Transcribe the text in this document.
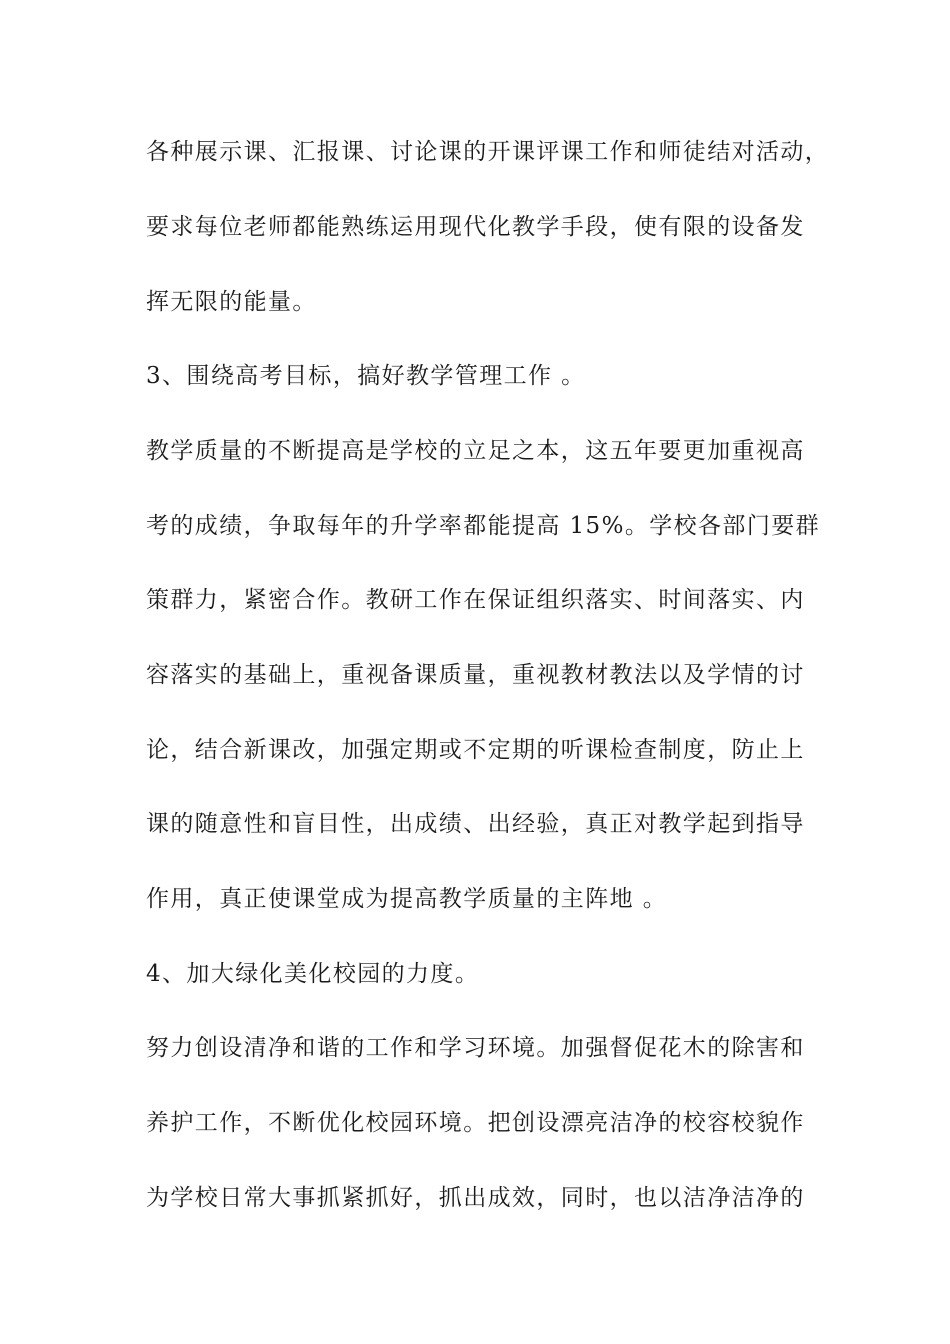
各种展示课、汇报课、讨论课的开课评课工作和师徒结对活动，
要求每位老师都能熟练运用现代化教学手段，使有限的设备发
挥无限的能量。
3、围绕高考目标，搞好教学管理工作 。
教学质量的不断提高是学校的立足之本，这五年要更加重视高
考的成绩，争取每年的升学率都能提高 15%。学校各部门要群
策群力，紧密合作。教研工作在保证组织落实、时间落实、内
容落实的基础上，重视备课质量，重视教材教法以及学情的讨
论，结合新课改，加强定期或不定期的听课检查制度，防止上
课的随意性和盲目性，出成绩、出经验，真正对教学起到指导
作用，真正使课堂成为提高教学质量的主阵地 。
4、加大绿化美化校园的力度。
努力创设清净和谐的工作和学习环境。加强督促花木的除害和
养护工作，不断优化校园环境。把创设漂亮洁净的校容校貌作
为学校日常大事抓紧抓好，抓出成效，同时，也以洁净洁净的
